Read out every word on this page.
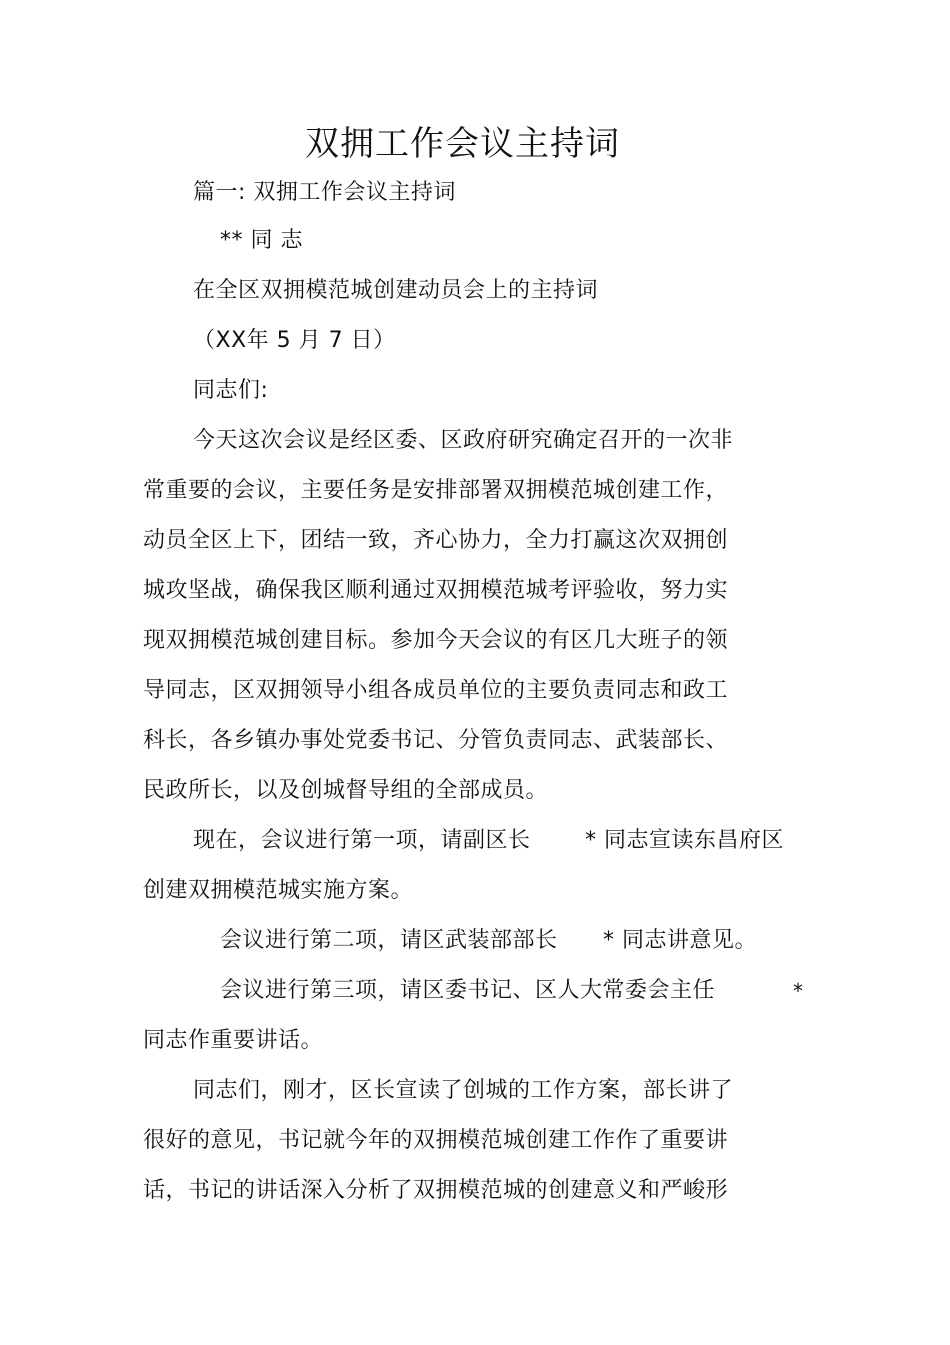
双拥工作会议主持词
篇一: 双拥工作会议主持词
** 同 志
在全区双拥模范城创建动员会上的主持词
（XX年 5 月 7 日）
同志们:
今天这次会议是经区委、区政府研究确定召开的一次非
常重要的会议，主要任务是安排部署双拥模范城创建工作，
动员全区上下，团结一致，齐心协力，全力打赢这次双拥创
城攻坚战，确保我区顺利通过双拥模范城考评验收，努力实
现双拥模范城创建目标。参加今天会议的有区几大班子的领
导同志，区双拥领导小组各成员单位的主要负责同志和政工
科长，各乡镇办事处党委书记、分管负责同志、武装部长、
民政所长，以及创城督导组的全部成员。
现在，会议进行第一项，请副区长 * 同志宣读东昌府区
创建双拥模范城实施方案。
会议进行第二项，请区武装部部长 * 同志讲意见。
会议进行第三项，请区委书记、区人大常委会主任	*
同志作重要讲话。
同志们，刚才，区长宣读了创城的工作方案，部长讲了
很好的意见，书记就今年的双拥模范城创建工作作了重要讲
话，书记的讲话深入分析了双拥模范城的创建意义和严峻形
